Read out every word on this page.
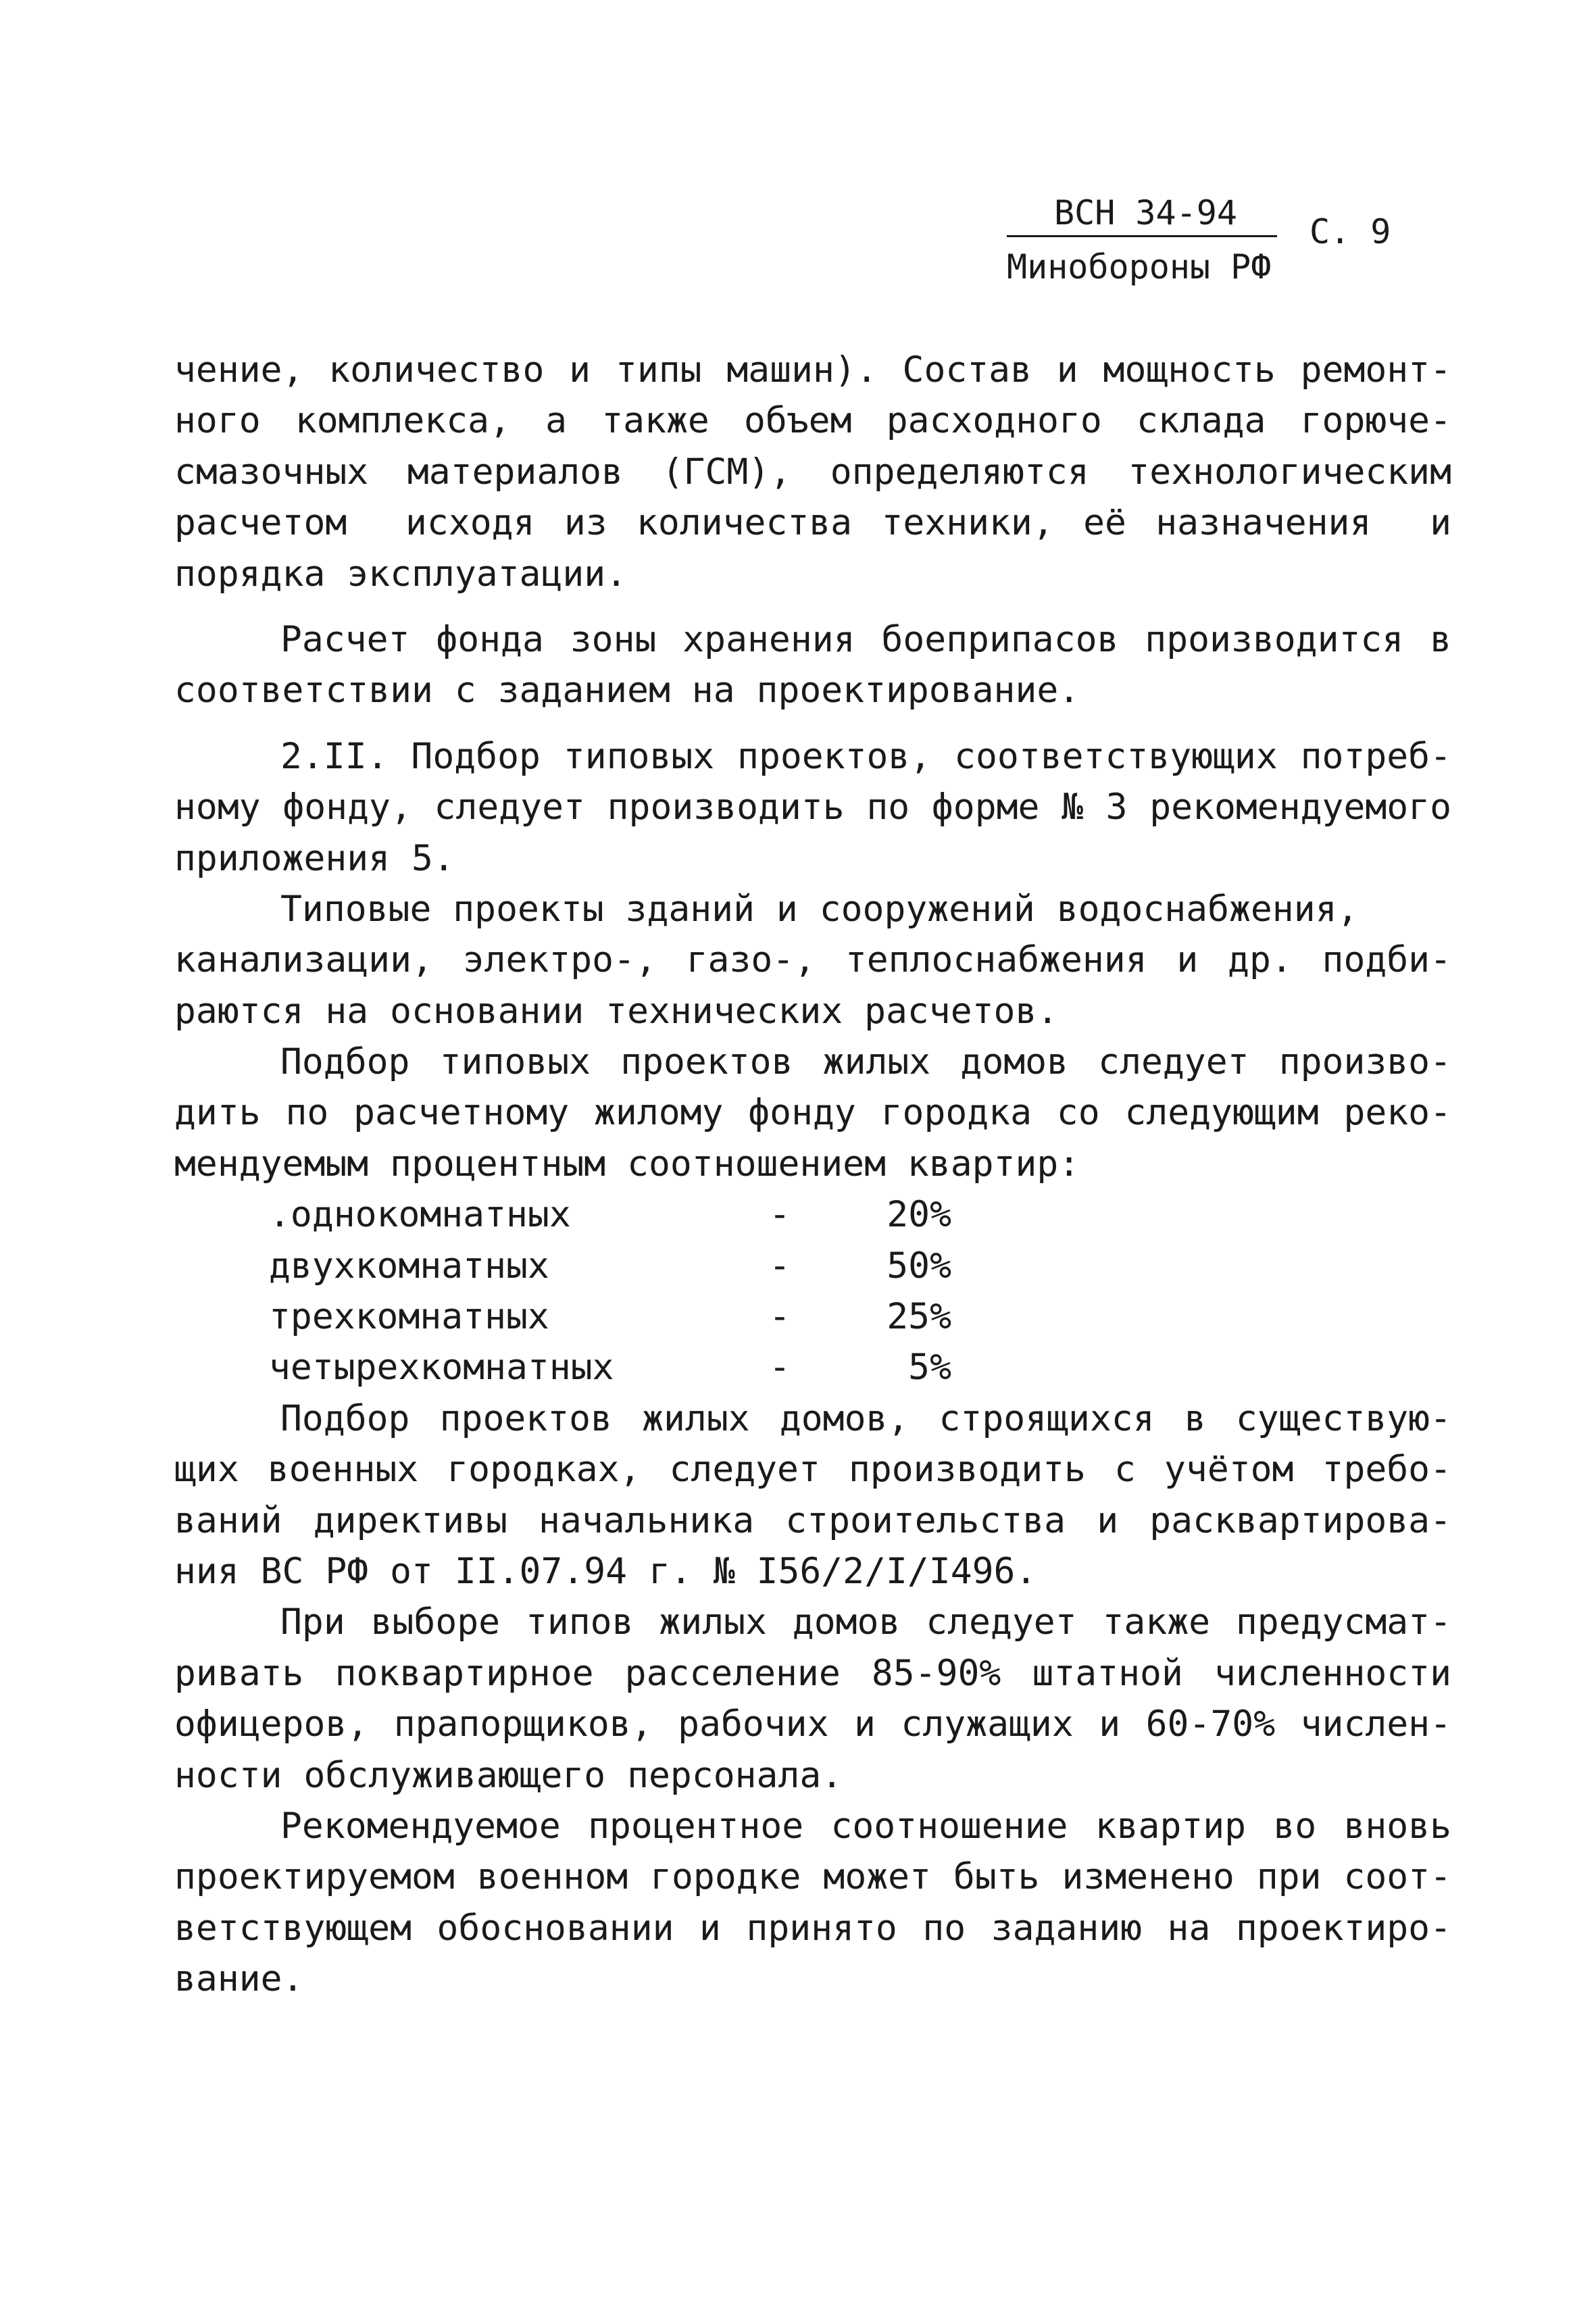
ВСН 34-94 С. 9
Минобороны РФ
чение, количество и типы машин). Состав и мощность ремонт-
ного комплекса, а также объем расходного склада горюче-
смазочных материалов (ГСМ), определяются технологическим
расчетом  исходя из количества техники, её назначения  и
порядка эксплуатации.
Расчет фонда зоны хранения боеприпасов производится в
соответствии с заданием на проектирование.
2.II. Подбор типовых проектов, соответствующих потреб-
ному фонду, следует производить по форме № 3 рекомендуемого
приложения 5.
Типовые проекты зданий и сооружений водоснабжения,
канализации, электро-, газо-, теплоснабжения и др. подби-
раются на основании технических расчетов.
Подбор типовых проектов жилых домов следует произво-
дить по расчетному жилому фонду городка со следующим реко-
мендуемым процентным соотношением квартир:
.однокомнатных	-	20%
двухкомнатных	-	50%
трехкомнатных	-	25%
четырехкомнатных	-	5%
Подбор проектов жилых домов, строящихся в существую-
щих военных городках, следует производить с учётом требо-
ваний директивы начальника строительства и расквартирова-
ния ВС РФ от II.07.94 г. № I56/2/I/I496.
При выборе типов жилых домов следует также предусмат-
ривать поквартирное расселение 85-90% штатной численности
офицеров, прапорщиков, рабочих и служащих и 60-70% числен-
ности обслуживающего персонала.
Рекомендуемое процентное соотношение квартир во вновь
проектируемом военном городке может быть изменено при соот-
ветствующем обосновании и принято по заданию на проектиро-
вание.
